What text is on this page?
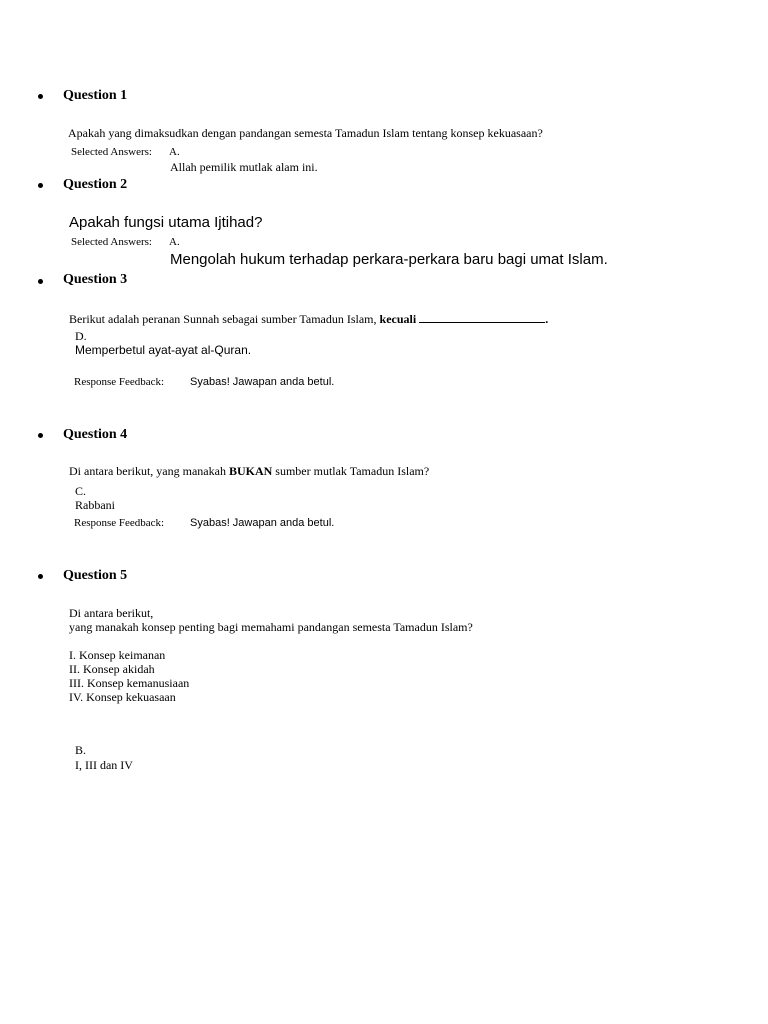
Question 1
Apakah yang dimaksudkan dengan pandangan semesta Tamadun Islam tentang konsep kekuasaan?
Selected Answers: A.
Allah pemilik mutlak alam ini.
Question 2
Apakah fungsi utama Ijtihad?
Selected Answers: A.
Mengolah hukum terhadap perkara-perkara baru bagi umat Islam.
Question 3
Berikut adalah peranan Sunnah sebagai sumber Tamadun Islam, kecuali	.
D.
Memperbetul ayat-ayat al-Quran.
Response Feedback: Syabas! Jawapan anda betul.
Question 4
Di antara berikut, yang manakah BUKAN sumber mutlak Tamadun Islam?
C.
Rabbani
Response Feedback: Syabas! Jawapan anda betul.
Question 5
Di antara berikut,
yang manakah konsep penting bagi memahami pandangan semesta Tamadun Islam?
I. Konsep keimanan
II. Konsep akidah
III. Konsep kemanusiaan
IV. Konsep kekuasaan
B.
I, III dan IV
